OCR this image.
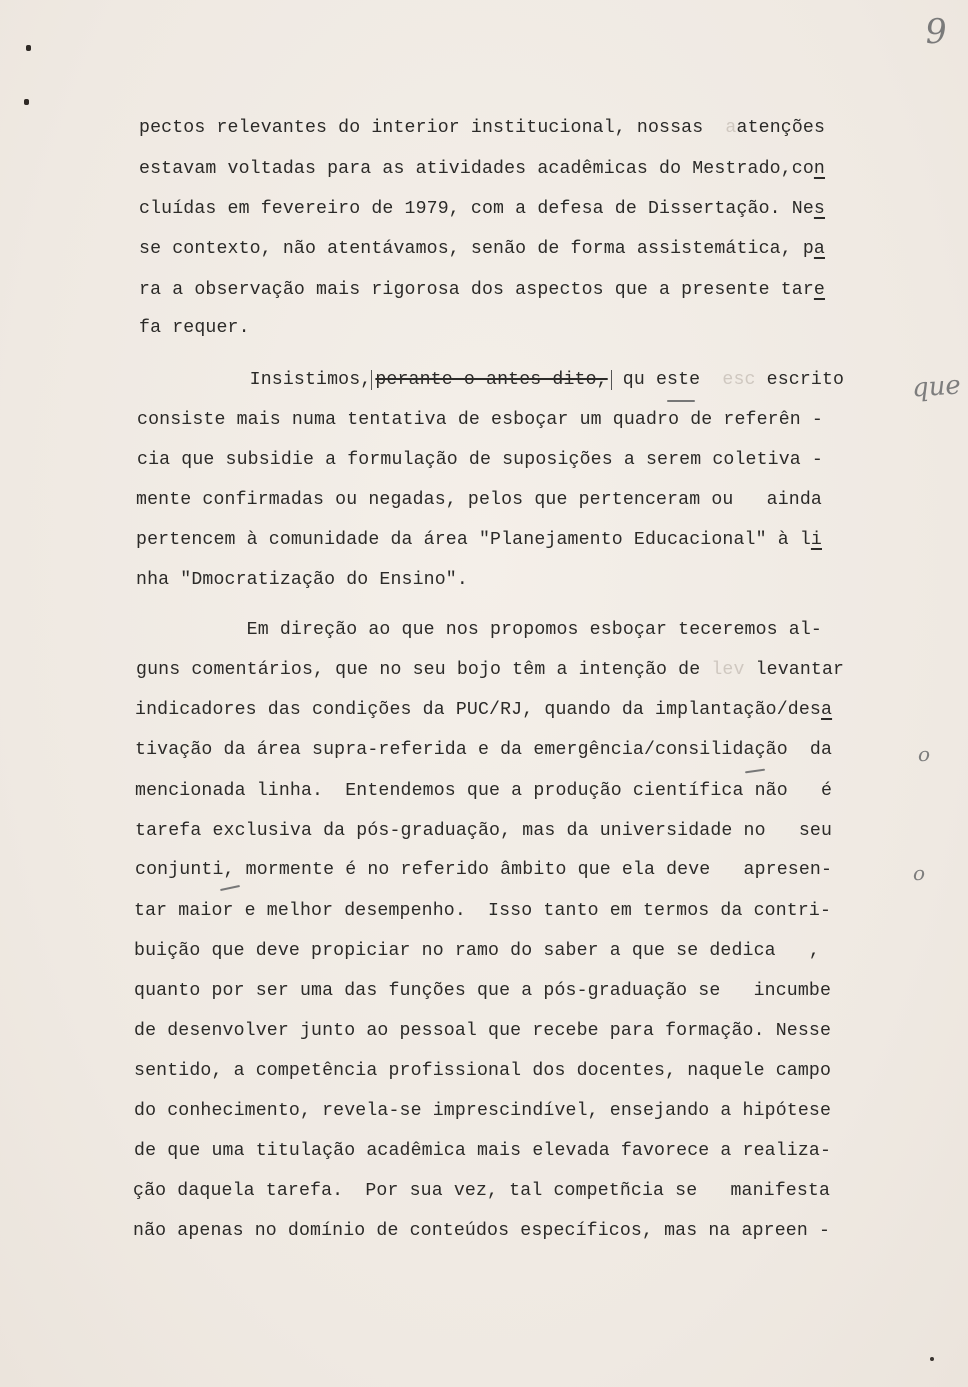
9
pectos relevantes do interior institucional, nossas  aatenções
estavam voltadas para as atividades acadêmicas do Mestrado,con
cluídas em fevereiro de 1979, com a defesa de Dissertação. Nes
se contexto, não atentávamos, senão de forma assistemática, pa
ra a observação mais rigorosa dos aspectos que a presente tare
fa requer.
Insistimos, perante o antes dito, qu este  esc escrito
consiste mais numa tentativa de esboçar um quadro de referên -
cia que subsidie a formulação de suposições a serem coletiva -
mente confirmadas ou negadas, pelos que pertenceram ou   ainda
pertencem à comunidade da área "Planejamento Educacional" à li
nha "Dmocratização do Ensino".
Em direção ao que nos propomos esboçar teceremos al-
guns comentários, que no seu bojo têm a intenção de lev levantar
indicadores das condições da PUC/RJ, quando da implantação/desa
tivação da área supra-referida e da emergência/consilidação  da
mencionada linha.  Entendemos que a produção científica não   é
tarefa exclusiva da pós-graduação, mas da universidade no   seu
conjunti, mormente é no referido âmbito que ela deve   apresen-
tar maior e melhor desempenho.  Isso tanto em termos da contri-
buição que deve propiciar no ramo do saber a que se dedica   ,
quanto por ser uma das funções que a pós-graduação se   incumbe
de desenvolver junto ao pessoal que recebe para formação. Nesse
sentido, a competência profissional dos docentes, naquele campo
do conhecimento, revela-se imprescindível, ensejando a hipótese
de que uma titulação acadêmica mais elevada favorece a realiza-
ção daquela tarefa.  Por sua vez, tal competñcia se   manifesta
não apenas no domínio de conteúdos específicos, mas na apreen -
que
o
o
